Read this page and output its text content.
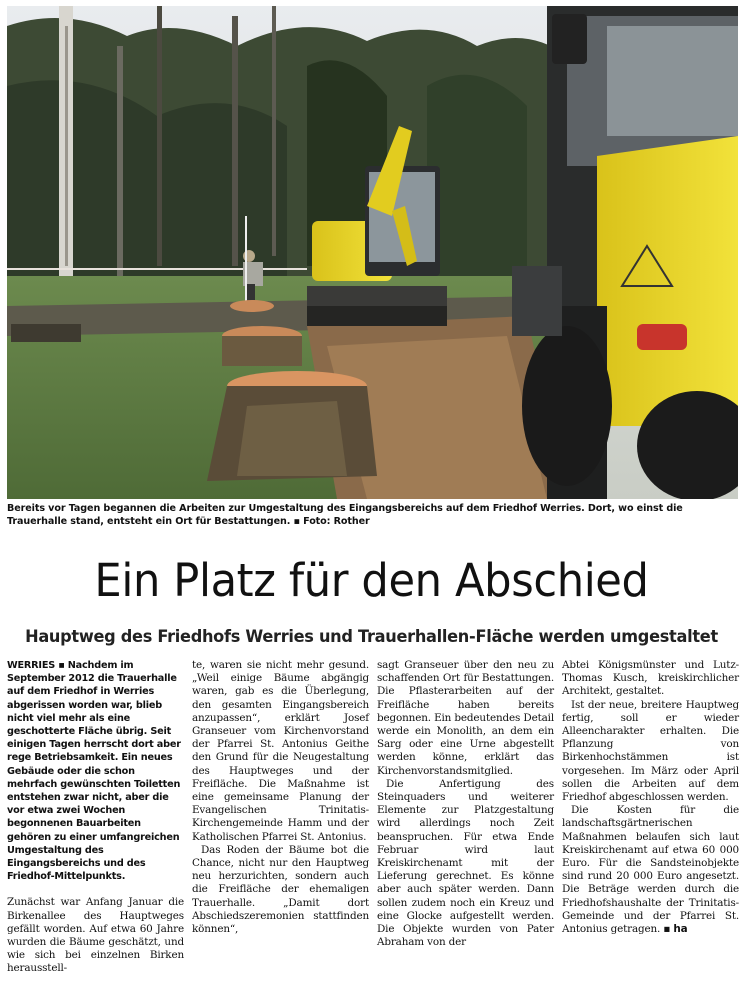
Bereits vor Tagen begannen die Arbeiten zur Umgestaltung des Eingangsbereichs auf dem Friedhof Werries. Dort, wo einst die Trauerhalle stand, entsteht ein Ort für Bestattungen. ▪ Foto: Rother
Ein Platz für den Abschied
Hauptweg des Friedhofs Werries und Trauerhallen-Fläche werden umgestaltet
WERRIES ▪ Nachdem im September 2012 die Trauerhalle auf dem Friedhof in Werries abgerissen worden war, blieb nicht viel mehr als eine geschotterte Fläche übrig. Seit einigen Tagen herrscht dort aber rege Betriebsamkeit. Ein neues Gebäude oder die schon mehrfach gewünschten Toiletten entstehen zwar nicht, aber die vor etwa zwei Wochen begonnenen Bauarbeiten gehören zu einer umfangreichen Umgestaltung des Eingangsbereichs und des Friedhof-Mittelpunkts.

Zunächst war Anfang Januar die Birkenallee des Hauptweges gefällt worden. Auf etwa 60 Jahre wurden die Bäume geschätzt, und wie sich bei einzelnen Birken herausstell-

te, waren sie nicht mehr gesund. „Weil einige Bäume abgängig waren, gab es die Überlegung, den gesamten Eingangsbereich anzupassen“, erklärt Josef Granseuer vom Kirchenvorstand der Pfarrei St. Antonius Geithe den Grund für die Neugestaltung des Hauptweges und der Freifläche. Die Maßnahme ist eine gemeinsame Planung der Evangelischen Trinitatis-Kirchengemeinde Hamm und der Katholischen Pfarrei St. Antonius.

Das Roden der Bäume bot die Chance, nicht nur den Hauptweg neu herzurichten, sondern auch die Freifläche der ehemaligen Trauerhalle. „Damit dort Abschiedszeremonien stattfinden können“,

sagt Granseuer über den neu zu schaffenden Ort für Bestattungen. Die Pflasterarbeiten auf der Freifläche haben bereits begonnen. Ein bedeutendes Detail werde ein Monolith, an dem ein Sarg oder eine Urne abgestellt werden könne, erklärt das Kirchenvorstandsmitglied.

Die Anfertigung des Steinquaders und weiterer Elemente zur Platzgestaltung wird allerdings noch Zeit beanspruchen. Für etwa Ende Februar wird laut Kreiskirchenamt mit der Lieferung gerechnet. Es könne aber auch später werden. Dann sollen zudem noch ein Kreuz und eine Glocke aufgestellt werden. Die Objekte wurden von Pater Abraham von der

Abtei Königsmünster und Lutz-Thomas Kusch, kreiskirchlicher Architekt, gestaltet.

Ist der neue, breitere Hauptweg fertig, soll er wieder Alleencharakter erhalten. Die Pflanzung von Birkenhochstämmen ist vorgesehen. Im März oder April sollen die Arbeiten auf dem Friedhof abgeschlossen werden.

Die Kosten für die landschaftsgärtnerischen Maßnahmen belaufen sich laut Kreiskirchenamt auf etwa 60 000 Euro. Für die Sandsteinobjekte sind rund 20 000 Euro angesetzt. Die Beträge werden durch die Friedhofshaushalte der Trinitatis-Gemeinde und der Pfarrei St. Antonius getragen. ▪ ha
